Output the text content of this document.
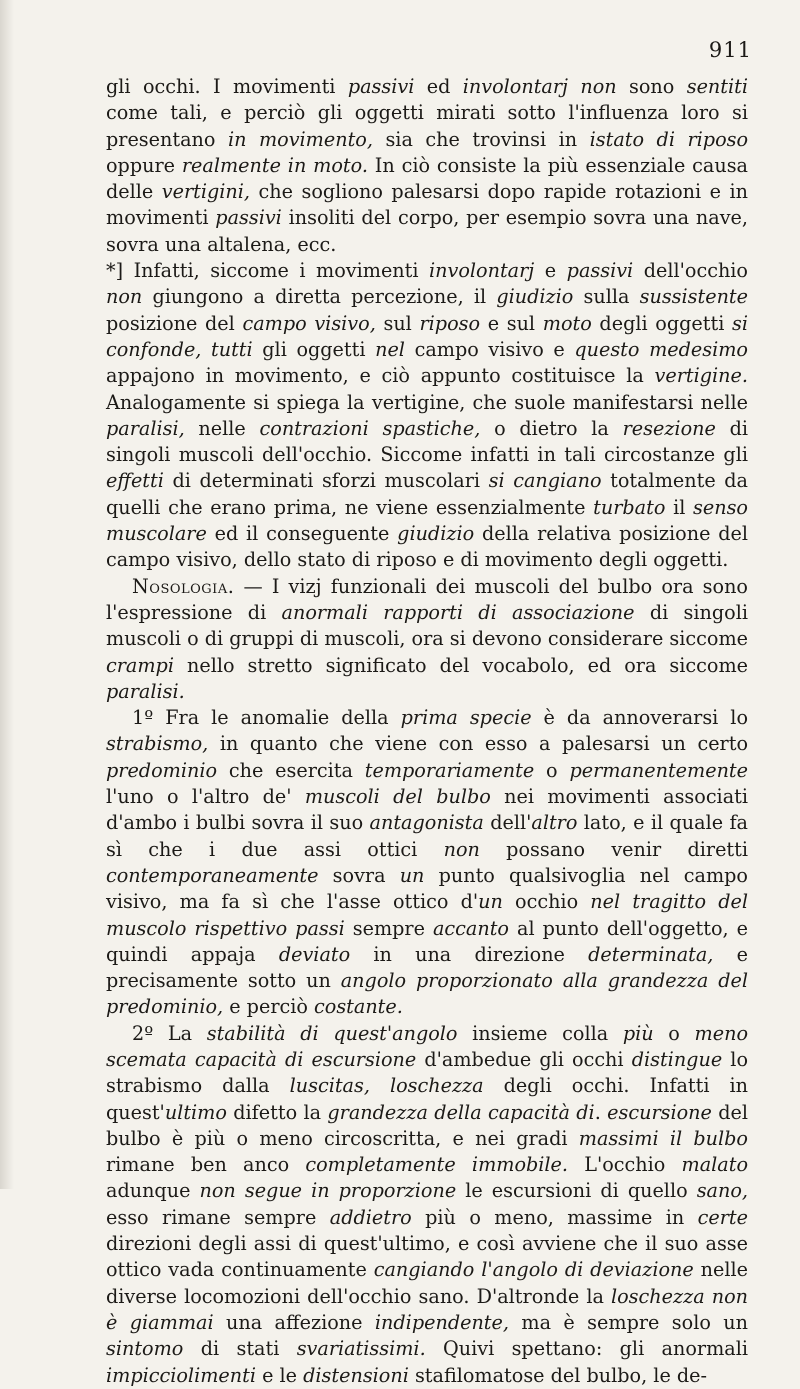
911

gli occhi. I movimenti passivi ed involontarj non sono sentiti come tali, e perciò gli oggetti mirati sotto l'influenza loro si presentano in movimento, sia che trovinsi in istato di riposo oppure realmente in moto. In ciò consiste la più essenziale causa delle vertigini, che sogliono palesarsi dopo rapide rotazioni e in movimenti passivi insoliti del corpo, per esempio sovra una nave, sovra una altalena, ecc.

*] Infatti, siccome i movimenti involontarj e passivi dell'occhio non giungono a diretta percezione, il giudizio sulla sussistente posizione del campo visivo, sul riposo e sul moto degli oggetti si confonde, tutti gli oggetti nel campo visivo e questo medesimo appajono in movimento, e ciò appunto costituisce la vertigine. Analogamente si spiega la vertigine, che suole manifestarsi nelle paralisi, nelle contrazioni spastiche, o dietro la resezione di singoli muscoli dell'occhio. Siccome infatti in tali circostanze gli effetti di determinati sforzi muscolari si cangiano totalmente da quelli che erano prima, ne viene essenzialmente turbato il senso muscolare ed il conseguente giudizio della relativa posizione del campo visivo, dello stato di riposo e di movimento degli oggetti.

Nosologia. — I vizj funzionali dei muscoli del bulbo ora sono l'espressione di anormali rapporti di associazione di singoli muscoli o di gruppi di muscoli, ora si devono considerare siccome crampi nello stretto significato del vocabolo, ed ora siccome paralisi.

1º Fra le anomalie della prima specie è da annoverarsi lo strabismo, in quanto che viene con esso a palesarsi un certo predominio che esercita temporariamente o permanentemente l'uno o l'altro de' muscoli del bulbo nei movimenti associati d'ambo i bulbi sovra il suo antagonista dell'altro lato, e il quale fa sì che i due assi ottici non possano venir diretti contemporaneamente sovra un punto qualsivoglia nel campo visivo, ma fa sì che l'asse ottico d'un occhio nel tragitto del muscolo rispettivo passi sempre accanto al punto dell'oggetto, e quindi appaja deviato in una direzione determinata, e precisamente sotto un angolo proporzionato alla grandezza del predominio, e perciò costante.

2º La stabilità di quest'angolo insieme colla più o meno scemata capacità di escursione d'ambedue gli occhi distingue lo strabismo dalla luscitas, loschezza degli occhi. Infatti in quest'ultimo difetto la grandezza della capacità di. escursione del bulbo è più o meno circoscritta, e nei gradi massimi il bulbo rimane ben anco completamente immobile. L'occhio malato adunque non segue in proporzione le escursioni di quello sano, esso rimane sempre addietro più o meno, massime in certe direzioni degli assi di quest'ultimo, e così avviene che il suo asse ottico vada continuamente cangiando l'angolo di deviazione nelle diverse locomozioni dell'occhio sano. D'altronde la loschezza non è giammai una affezione indipendente, ma è sempre solo un sintomo di stati svariatissimi. Quivi spettano: gli anormali impicciolimenti e le distensioni stafilomatose del bulbo, le de-
